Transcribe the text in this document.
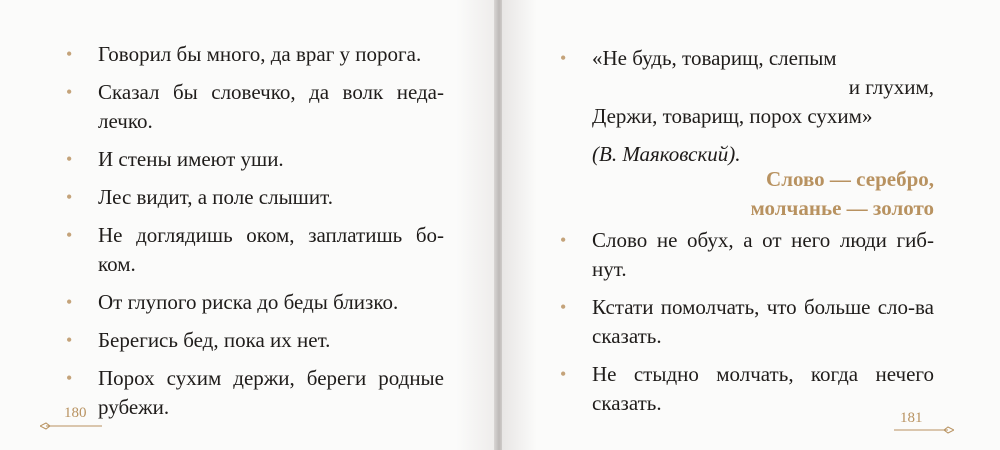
• Говорил бы много, да враг у порога.
• Сказал бы словечко, да волк неда-лечко.
• И стены имеют уши.
• Лес видит, а поле слышит.
• Не доглядишь оком, заплатишь бо-ком.
• От глупого риска до беды близко.
• Берегись бед, пока их нет.
• Порох сухим держи, береги родные рубежи.
180
• «Не будь, товарищ, слепым
и глухим,
Держи, товарищ, порох сухим»
(В. Маяковский).
Слово — серебро,
молчанье — золото
• Слово не обух, а от него люди гиб-нут.
• Кстати помолчать, что больше сло-ва сказать.
• Не стыдно молчать, когда нечего сказать.
181
